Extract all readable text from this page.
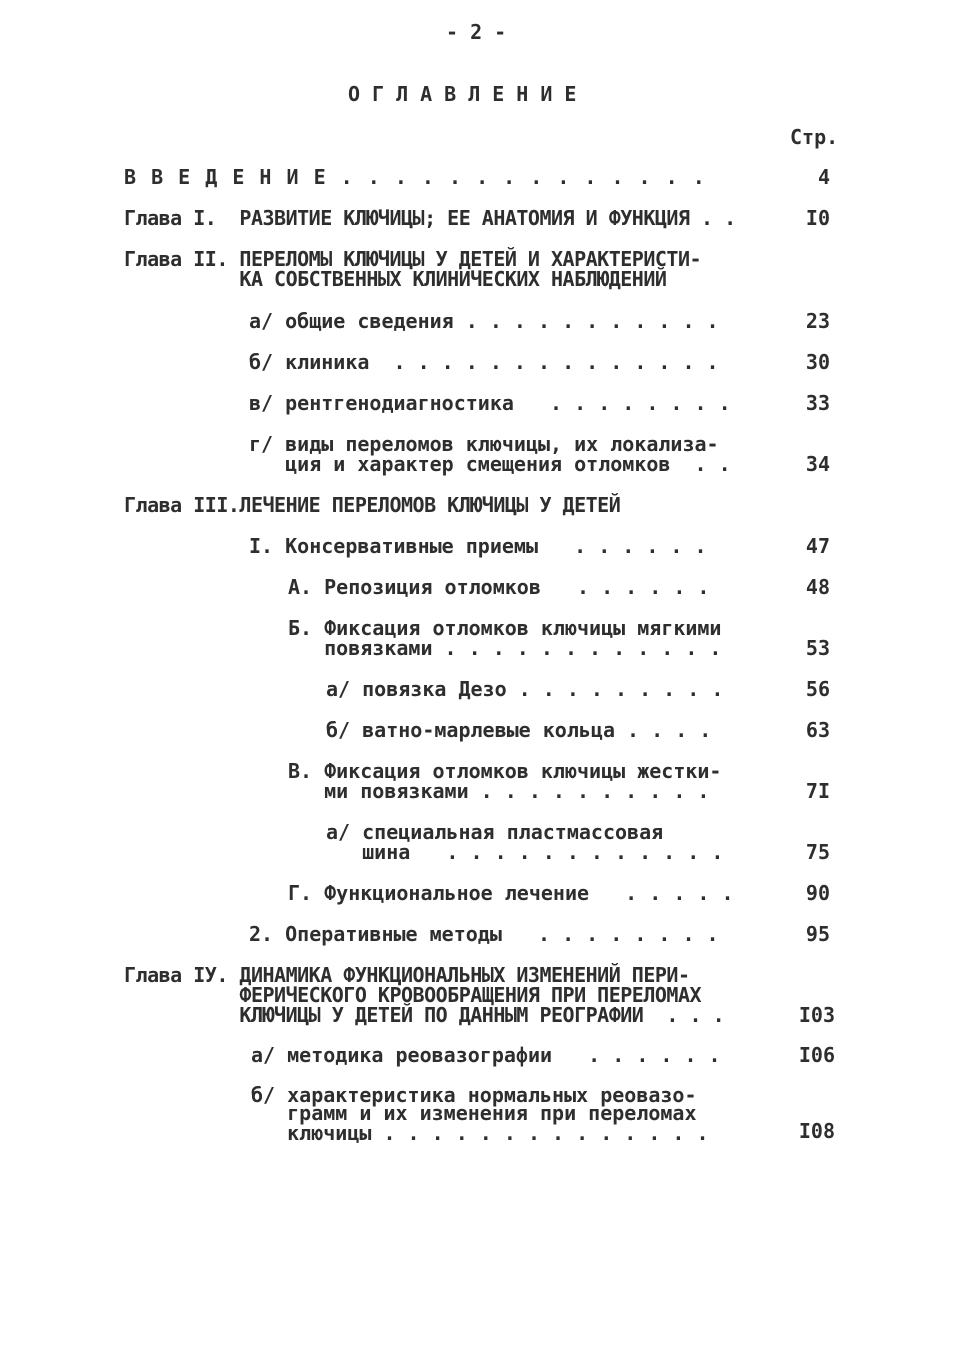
- 2 -
ОГЛАВЛЕНИЕ
Стр.
В В Е Д Е Н И Е . . . . . . . . . . . . . .	4
Глава I.  РАЗВИТИЕ КЛЮЧИЦЫ; ЕЕ АНАТОМИЯ И ФУНКЦИЯ . .	I0
Глава II. ПЕРЕЛОМЫ КЛЮЧИЦЫ У ДЕТЕЙ И ХАРАКТЕРИСТИ-
КА СОБСТВЕННЫХ КЛИНИЧЕСКИХ НАБЛЮДЕНИЙ
а/ общие сведения . . . . . . . . . . .	23
б/ клиника  . . . . . . . . . . . . . .	30
в/ рентгенодиагностика   . . . . . . . .	33
г/ виды переломов ключицы, их локализа-
ция и характер смещения отломков  . .	34
Глава III.ЛЕЧЕНИЕ ПЕРЕЛОМОВ КЛЮЧИЦЫ У ДЕТЕЙ
I. Консервативные приемы   . . . . . .	47
А. Репозиция отломков   . . . . . .	48
Б. Фиксация отломков ключицы мягкими
повязками . . . . . . . . . . . .	53
а/ повязка Дезо . . . . . . . . .	56
б/ ватно-марлевые кольца . . . .	63
В. Фиксация отломков ключицы жестки-
ми повязками . . . . . . . . . .	7I
а/ специальная пластмассовая
шина   . . . . . . . . . . . .	75
Г. Функциональное лечение   . . . . .	90
2. Оперативные методы   . . . . . . . .	95
Глава IУ. ДИНАМИКА ФУНКЦИОНАЛЬНЫХ ИЗМЕНЕНИЙ ПЕРИ-
ФЕРИЧЕСКОГО КРОВООБРАЩЕНИЯ ПРИ ПЕРЕЛОМАХ
КЛЮЧИЦЫ У ДЕТЕЙ ПО ДАННЫМ РЕОГРАФИИ  . . .	I03
а/ методика реовазографии   . . . . . .	I06
б/ характеристика нормальных реовазо-
грамм и их изменения при переломах
ключицы . . . . . . . . . . . . . .	I08
